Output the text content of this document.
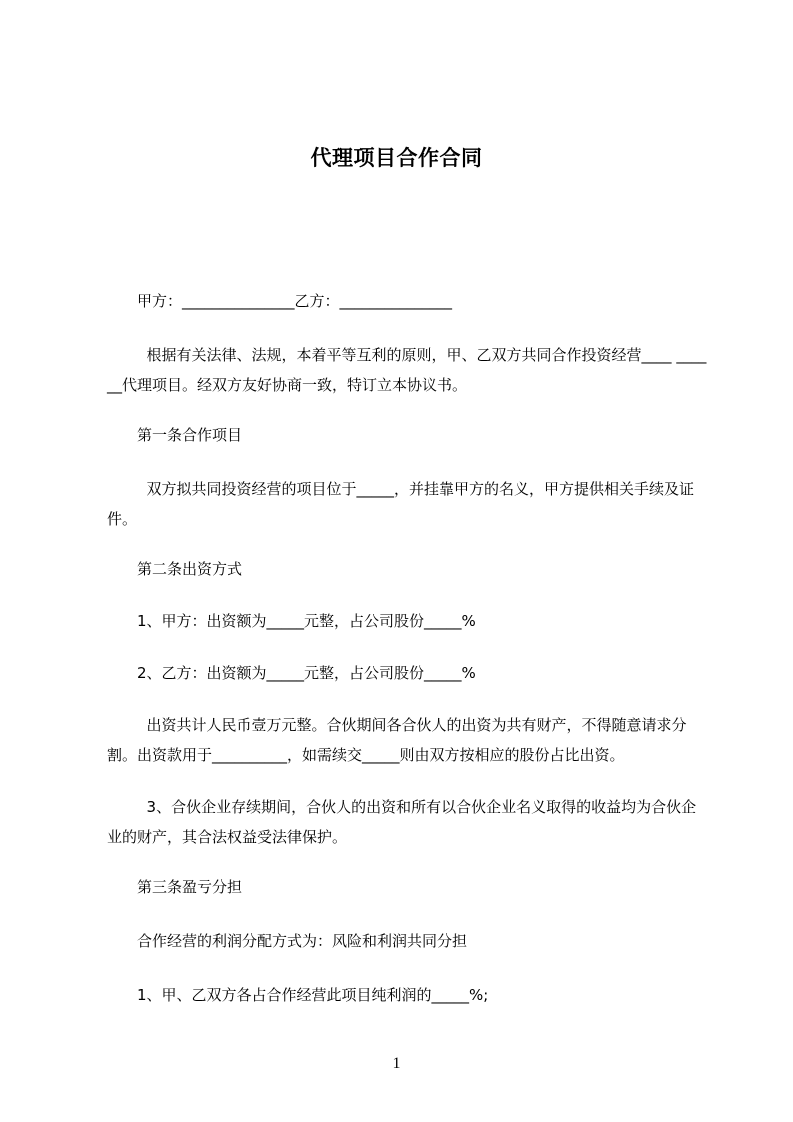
代理项目合作合同

甲方：_______________乙方：_______________

根据有关法律、法规，本着平等互利的原则，甲、乙双方共同合作投资经营____ ______代理项目。经双方友好协商一致，特订立本协议书。

第一条合作项目

双方拟共同投资经营的项目位于_____，并挂靠甲方的名义，甲方提供相关手续及证件。

第二条出资方式

1、甲方：出资额为_____元整，占公司股份_____%

2、乙方：出资额为_____元整，占公司股份_____%

出资共计人民币壹万元整。合伙期间各合伙人的出资为共有财产，不得随意请求分割。出资款用于__________，如需续交_____则由双方按相应的股份占比出资。

3、合伙企业存续期间，合伙人的出资和所有以合伙企业名义取得的收益均为合伙企业的财产，其合法权益受法律保护。

第三条盈亏分担

合作经营的利润分配方式为：风险和利润共同分担

1、甲、乙双方各占合作经营此项目纯利润的_____%;

1
